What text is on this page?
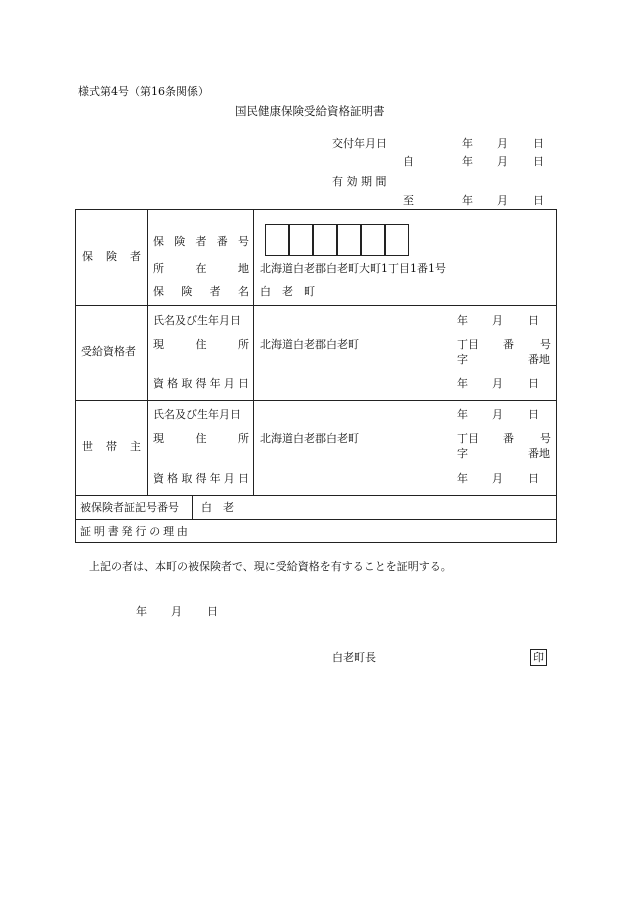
様式第4号（第16条関係）
国民健康保険受給資格証明書
交付年月日	年 月 日
自	年 月 日
有 効 期 間
至	年 月 日
保　険　者
保 険 者 番 号
所	在	地 北海道白老郡白老町大町1丁目1番1号
保 険 者 名 白　老　町
受給資格者
氏名及び生年月日	年 月 日
現	住	所 北海道白老郡白老町	丁目 番 号
字	番地
資 格 取 得 年 月 日	年 月 日
世　帯　主
氏名及び生年月日	年 月 日
現	住	所 北海道白老郡白老町	丁目 番 号
字	番地
資 格 取 得 年 月 日	年 月 日
被保険者証記号番号 白　老
証 明 書 発 行 の 理 由
上記の者は、本町の被保険者で、現に受給資格を有することを証明する。
年 月 日
白老町長	印
